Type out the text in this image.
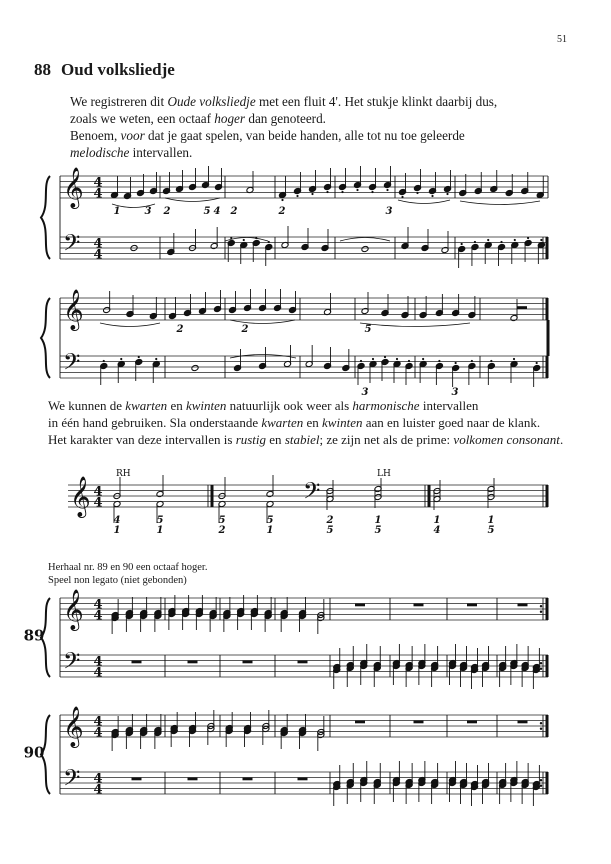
51
88 Oud volksliedje
We registreren dit Oude volksliedje met een fluit 4'. Het stukje klinkt daarbij dus,
zoals we weten, een octaaf hoger dan genoteerd.
Benoem, voor dat je gaat spelen, van beide handen, alle tot nu toe geleerde
melodische intervallen.
We kunnen de kwarten en kwinten natuurlijk ook weer als harmonische intervallen
in één hand gebruiken. Sla onderstaande kwarten en kwinten aan en luister goed naar de klank.
Het karakter van deze intervallen is rustig en stabiel; ze zijn net als de prime: volkomen consonant.
Herhaal nr. 89 en 90 een octaaf hoger.
Speel non legato (niet gebonden)
𝄞
𝄢
4
4
4
4
1 3 2	5 4 2	2	3
𝄞
𝄢
2	2	5
3	3
𝄞 4
4
RH	LH
𝄢
4
1
5
1
5
2
5
1
2
5
1
5
1
4
1
5
𝄞
𝄢
4
4
4
4
89
𝄞
𝄢
4
4
4
4
90
